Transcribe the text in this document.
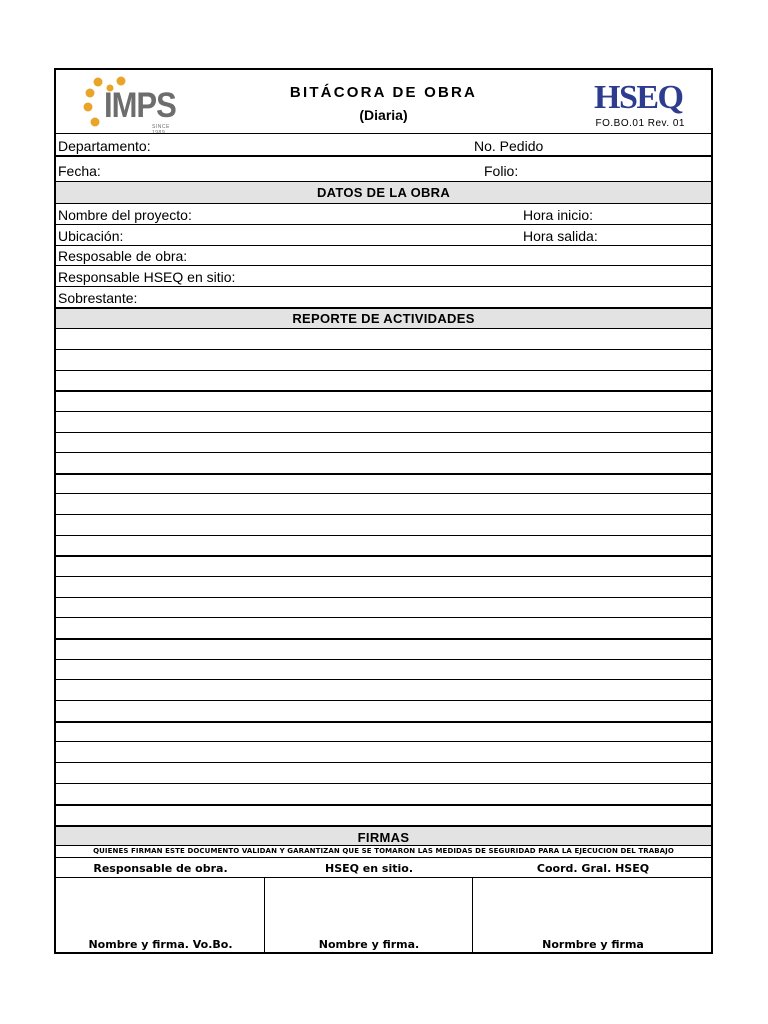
IMPS
SINCE 1989
BITÁCORA DE OBRA
(Diaria)	HSEQ
FO.BO.01 Rev. 01
Departamento:	No. Pedido
Fecha:	Folio:
DATOS DE LA OBRA
Nombre del proyecto:	Hora inicio:
Ubicación:	Hora salida:
Resposable de obra:
Responsable HSEQ en sitio:
Sobrestante:
REPORTE DE ACTIVIDADES
FIRMAS
QUIENES FIRMAN ESTE DOCUMENTO VALIDAN Y GARANTIZAN QUE SE TOMARON LAS MEDIDAS DE SEGURIDAD PARA LA EJECUCION DEL TRABAJO
Responsable de obra.	HSEQ en sitio.	Coord. Gral. HSEQ
Nombre y firma. Vo.Bo.	Nombre y firma.	Normbre y firma
